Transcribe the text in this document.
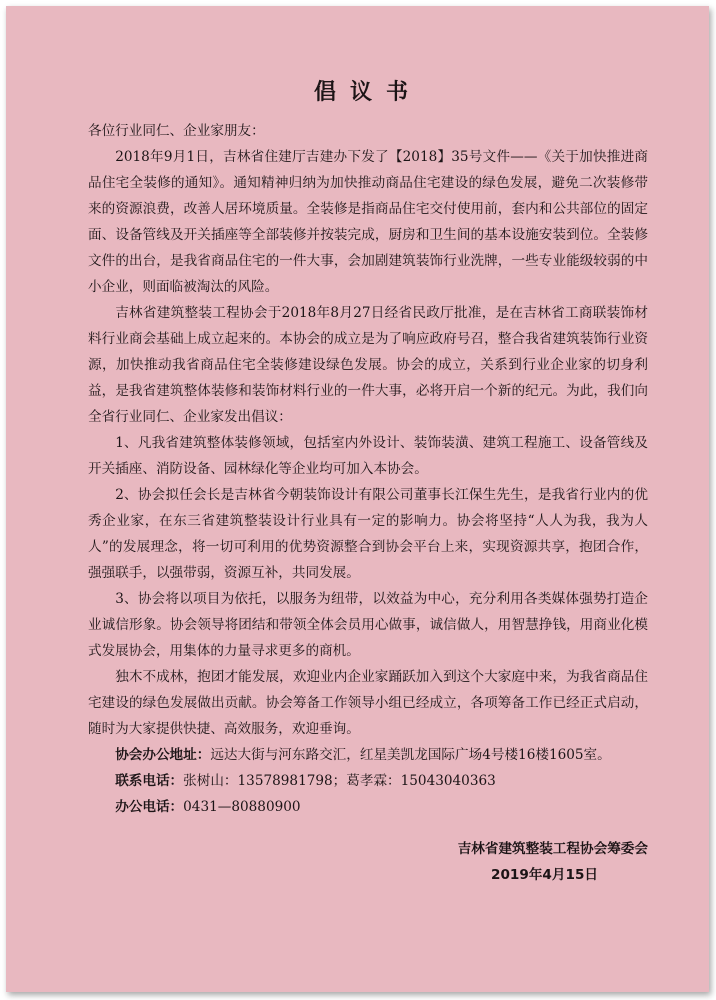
倡议书

各位行业同仁、企业家朋友：

2018年9月1日，吉林省住建厅吉建办下发了【2018】35号文件——《关于加快推进商品住宅全装修的通知》。通知精神归纳为加快推动商品住宅建设的绿色发展，避免二次装修带来的资源浪费，改善人居环境质量。全装修是指商品住宅交付使用前，套内和公共部位的固定面、设备管线及开关插座等全部装修并按装完成，厨房和卫生间的基本设施安装到位。全装修文件的出台，是我省商品住宅的一件大事，会加剧建筑装饰行业洗牌，一些专业能级较弱的中小企业，则面临被淘汰的风险。

吉林省建筑整装工程协会于2018年8月27日经省民政厅批准，是在吉林省工商联装饰材料行业商会基础上成立起来的。本协会的成立是为了响应政府号召，整合我省建筑装饰行业资源，加快推动我省商品住宅全装修建设绿色发展。协会的成立，关系到行业企业家的切身利益，是我省建筑整体装修和装饰材料行业的一件大事，必将开启一个新的纪元。为此，我们向全省行业同仁、企业家发出倡议：

1、凡我省建筑整体装修领域，包括室内外设计、装饰装潢、建筑工程施工、设备管线及开关插座、消防设备、园林绿化等企业均可加入本协会。

2、协会拟任会长是吉林省今朝装饰设计有限公司董事长江保生先生，是我省行业内的优秀企业家，在东三省建筑整装设计行业具有一定的影响力。协会将坚持“人人为我，我为人人”的发展理念，将一切可利用的优势资源整合到协会平台上来，实现资源共享，抱团合作，强强联手，以强带弱，资源互补，共同发展。

3、协会将以项目为依托，以服务为纽带，以效益为中心，充分利用各类媒体强势打造企业诚信形象。协会领导将团结和带领全体会员用心做事，诚信做人，用智慧挣钱，用商业化模式发展协会，用集体的力量寻求更多的商机。

独木不成林，抱团才能发展，欢迎业内企业家踊跃加入到这个大家庭中来，为我省商品住宅建设的绿色发展做出贡献。协会筹备工作领导小组已经成立，各项筹备工作已经正式启动，随时为大家提供快捷、高效服务，欢迎垂询。

协会办公地址：远达大街与河东路交汇，红星美凯龙国际广场4号楼16楼1605室。

联系电话：张树山：13578981798；葛孝霖：15043040363

办公电话：0431—80880900

吉林省建筑整装工程协会筹委会

2019年4月15日
